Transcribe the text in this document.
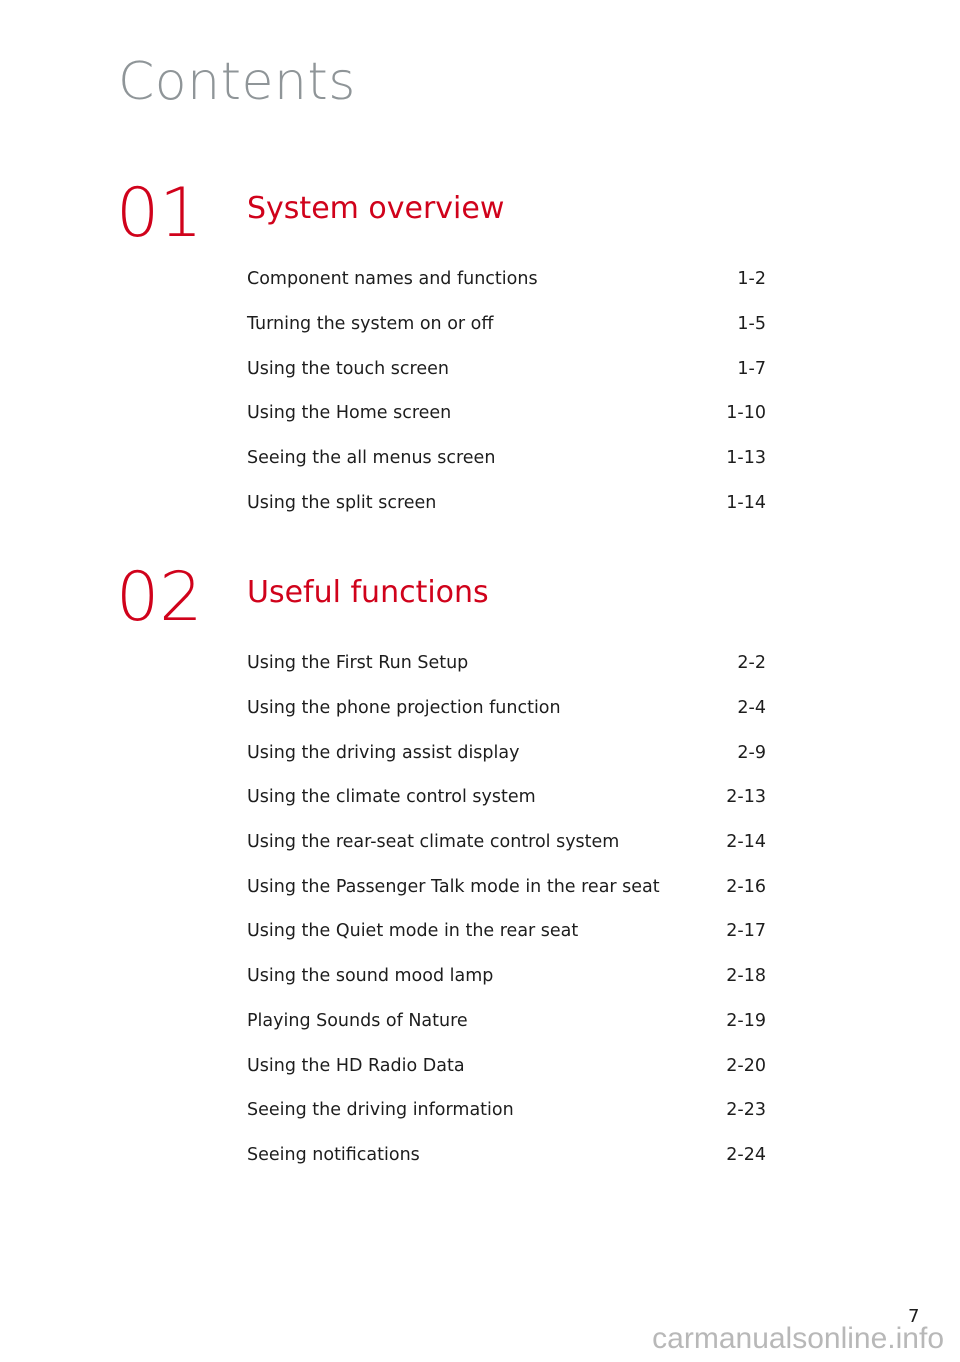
Contents
01 System overview
Component names and functions	1-2
Turning the system on or off	1-5
Using the touch screen	1-7
Using the Home screen	1-10
Seeing the all menus screen	1-13
Using the split screen	1-14
02 Useful functions
Using the First Run Setup	2-2
Using the phone projection function	2-4
Using the driving assist display	2-9
Using the climate control system	2-13
Using the rear-seat climate control system	2-14
Using the Passenger Talk mode in the rear seat	2-16
Using the Quiet mode in the rear seat	2-17
Using the sound mood lamp	2-18
Playing Sounds of Nature	2-19
Using the HD Radio Data	2-20
Seeing the driving information	2-23
Seeing notifications	2-24
7
carmanualsonline.info
